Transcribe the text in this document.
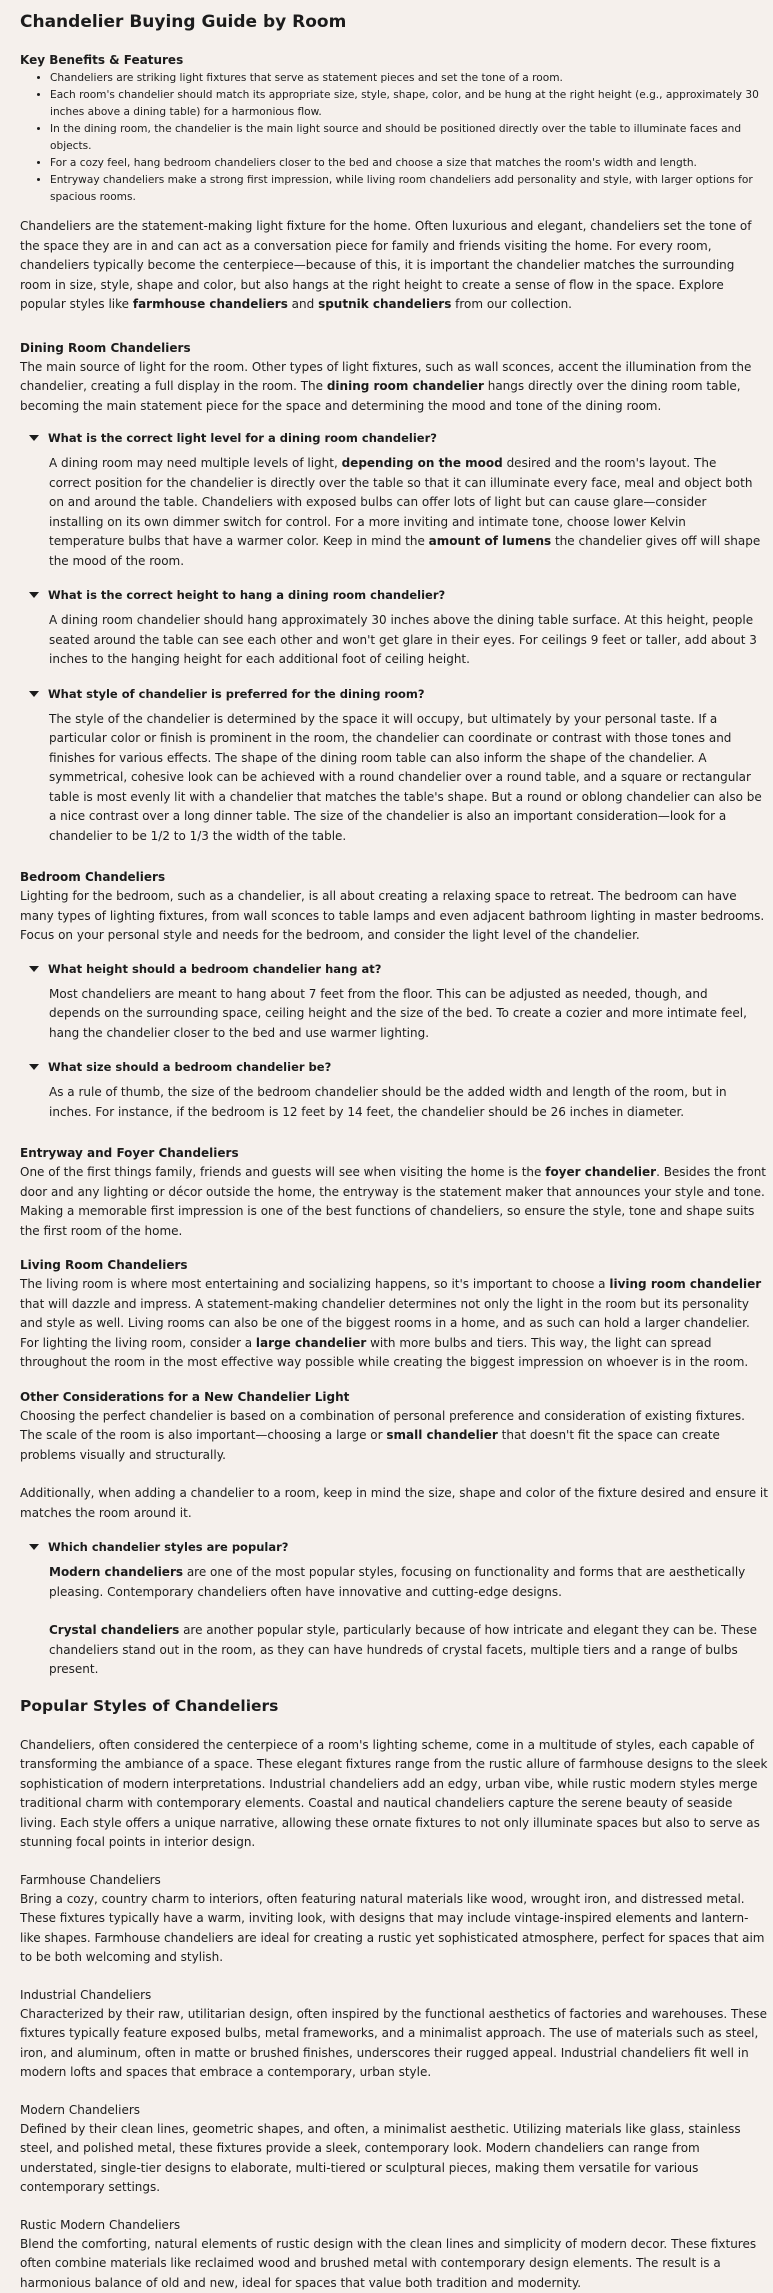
Chandelier Buying Guide by Room
Key Benefits & Features
• Chandeliers are striking light fixtures that serve as statement pieces and set the tone of a room.
• Each room's chandelier should match its appropriate size, style, shape, color, and be hung at the right height (e.g., approximately 30 inches above a dining table) for a harmonious flow.
• In the dining room, the chandelier is the main light source and should be positioned directly over the table to illuminate faces and objects.
• For a cozy feel, hang bedroom chandeliers closer to the bed and choose a size that matches the room's width and length.
• Entryway chandeliers make a strong first impression, while living room chandeliers add personality and style, with larger options for spacious rooms.

Chandeliers are the statement-making light fixture for the home. Often luxurious and elegant, chandeliers set the tone of the space they are in and can act as a conversation piece for family and friends visiting the home. For every room, chandeliers typically become the centerpiece—because of this, it is important the chandelier matches the surrounding room in size, style, shape and color, but also hangs at the right height to create a sense of flow in the space. Explore popular styles like farmhouse chandeliers and sputnik chandeliers from our collection.

Dining Room Chandeliers

The main source of light for the room. Other types of light fixtures, such as wall sconces, accent the illumination from the chandelier, creating a full display in the room. The dining room chandelier hangs directly over the dining room table, becoming the main statement piece for the space and determining the mood and tone of the dining room.

What is the correct light level for a dining room chandelier?

A dining room may need multiple levels of light, depending on the mood desired and the room's layout. The correct position for the chandelier is directly over the table so that it can illuminate every face, meal and object both on and around the table. Chandeliers with exposed bulbs can offer lots of light but can cause glare—consider installing on its own dimmer switch for control. For a more inviting and intimate tone, choose lower Kelvin temperature bulbs that have a warmer color. Keep in mind the amount of lumens the chandelier gives off will shape the mood of the room.

What is the correct height to hang a dining room chandelier?

A dining room chandelier should hang approximately 30 inches above the dining table surface. At this height, people seated around the table can see each other and won't get glare in their eyes. For ceilings 9 feet or taller, add about 3 inches to the hanging height for each additional foot of ceiling height.

What style of chandelier is preferred for the dining room?

The style of the chandelier is determined by the space it will occupy, but ultimately by your personal taste. If a particular color or finish is prominent in the room, the chandelier can coordinate or contrast with those tones and finishes for various effects. The shape of the dining room table can also inform the shape of the chandelier. A symmetrical, cohesive look can be achieved with a round chandelier over a round table, and a square or rectangular table is most evenly lit with a chandelier that matches the table's shape. But a round or oblong chandelier can also be a nice contrast over a long dinner table. The size of the chandelier is also an important consideration—look for a chandelier to be 1/2 to 1/3 the width of the table.

Bedroom Chandeliers

Lighting for the bedroom, such as a chandelier, is all about creating a relaxing space to retreat. The bedroom can have many types of lighting fixtures, from wall sconces to table lamps and even adjacent bathroom lighting in master bedrooms. Focus on your personal style and needs for the bedroom, and consider the light level of the chandelier.

What height should a bedroom chandelier hang at?

Most chandeliers are meant to hang about 7 feet from the floor. This can be adjusted as needed, though, and depends on the surrounding space, ceiling height and the size of the bed. To create a cozier and more intimate feel, hang the chandelier closer to the bed and use warmer lighting.

What size should a bedroom chandelier be?

As a rule of thumb, the size of the bedroom chandelier should be the added width and length of the room, but in inches. For instance, if the bedroom is 12 feet by 14 feet, the chandelier should be 26 inches in diameter.

Entryway and Foyer Chandeliers

One of the first things family, friends and guests will see when visiting the home is the foyer chandelier. Besides the front door and any lighting or décor outside the home, the entryway is the statement maker that announces your style and tone. Making a memorable first impression is one of the best functions of chandeliers, so ensure the style, tone and shape suits the first room of the home.

Living Room Chandeliers

The living room is where most entertaining and socializing happens, so it's important to choose a living room chandelier that will dazzle and impress. A statement-making chandelier determines not only the light in the room but its personality and style as well. Living rooms can also be one of the biggest rooms in a home, and as such can hold a larger chandelier. For lighting the living room, consider a large chandelier with more bulbs and tiers. This way, the light can spread throughout the room in the most effective way possible while creating the biggest impression on whoever is in the room.

Other Considerations for a New Chandelier Light

Choosing the perfect chandelier is based on a combination of personal preference and consideration of existing fixtures. The scale of the room is also important—choosing a large or small chandelier that doesn't fit the space can create problems visually and structurally.

Additionally, when adding a chandelier to a room, keep in mind the size, shape and color of the fixture desired and ensure it matches the room around it.

Which chandelier styles are popular?

Modern chandeliers are one of the most popular styles, focusing on functionality and forms that are aesthetically pleasing. Contemporary chandeliers often have innovative and cutting-edge designs.

Crystal chandeliers are another popular style, particularly because of how intricate and elegant they can be. These chandeliers stand out in the room, as they can have hundreds of crystal facets, multiple tiers and a range of bulbs present.

Popular Styles of Chandeliers

Chandeliers, often considered the centerpiece of a room's lighting scheme, come in a multitude of styles, each capable of transforming the ambiance of a space. These elegant fixtures range from the rustic allure of farmhouse designs to the sleek sophistication of modern interpretations. Industrial chandeliers add an edgy, urban vibe, while rustic modern styles merge traditional charm with contemporary elements. Coastal and nautical chandeliers capture the serene beauty of seaside living. Each style offers a unique narrative, allowing these ornate fixtures to not only illuminate spaces but also to serve as stunning focal points in interior design.

Farmhouse Chandeliers

Bring a cozy, country charm to interiors, often featuring natural materials like wood, wrought iron, and distressed metal. These fixtures typically have a warm, inviting look, with designs that may include vintage-inspired elements and lantern-like shapes. Farmhouse chandeliers are ideal for creating a rustic yet sophisticated atmosphere, perfect for spaces that aim to be both welcoming and stylish.

Industrial Chandeliers

Characterized by their raw, utilitarian design, often inspired by the functional aesthetics of factories and warehouses. These fixtures typically feature exposed bulbs, metal frameworks, and a minimalist approach. The use of materials such as steel, iron, and aluminum, often in matte or brushed finishes, underscores their rugged appeal. Industrial chandeliers fit well in modern lofts and spaces that embrace a contemporary, urban style.

Modern Chandeliers

Defined by their clean lines, geometric shapes, and often, a minimalist aesthetic. Utilizing materials like glass, stainless steel, and polished metal, these fixtures provide a sleek, contemporary look. Modern chandeliers can range from understated, single-tier designs to elaborate, multi-tiered or sculptural pieces, making them versatile for various contemporary settings.

Rustic Modern Chandeliers

Blend the comforting, natural elements of rustic design with the clean lines and simplicity of modern decor. These fixtures often combine materials like reclaimed wood and brushed metal with contemporary design elements. The result is a harmonious balance of old and new, ideal for spaces that value both tradition and modernity.
